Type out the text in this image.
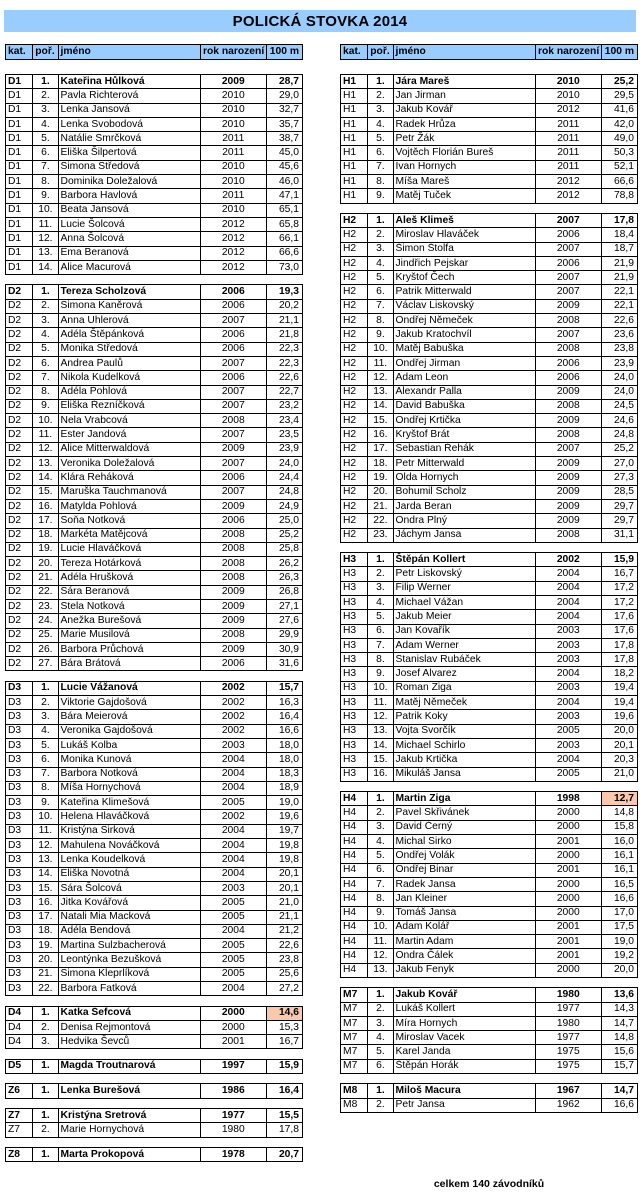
POLICKÁ STOVKA 2014
kat.	poř.	jméno	rok narození	100 m

D1	1.	Kateřina Hůlková	2009	28,7
D1	2.	Pavla Richterová	2010	29,0
D1	3.	Lenka Jansová	2010	32,7
D1	4.	Lenka Svobodová	2010	35,7
D1	5.	Natálie Smrčková	2011	38,7
D1	6.	Eliška Šilpertová	2011	45,0
D1	7.	Simona Středová	2010	45,6
D1	8.	Dominika Doležalová	2010	46,0
D1	9.	Barbora Havlová	2011	47,1
D1	10.	Beata Jansová	2010	65,1
D1	11.	Lucie Šolcová	2012	65,8
D1	12.	Anna Šolcová	2012	66,1
D1	13.	Ema Beranová	2012	66,6
D1	14.	Alice Macurová	2012	73,0

D2	1.	Tereza Scholzová	2006	19,3
D2	2.	Simona Kaněrová	2006	20,2
D2	3.	Anna Uhlerová	2007	21,1
D2	4.	Adéla Štěpánková	2006	21,8
D2	5.	Monika Středová	2006	22,3
D2	6.	Andrea Paulů	2007	22,3
D2	7.	Nikola Kudelková	2006	22,6
D2	8.	Adéla Pohlová	2007	22,7
D2	9.	Eliška Řezníčková	2007	23,2
D2	10.	Nela Vrabcová	2008	23,4
D2	11.	Ester Jandová	2007	23,5
D2	12.	Alice Mitterwaldová	2009	23,9
D2	13.	Veronika Doležalová	2007	24,0
D2	14.	Klára Reháková	2006	24,4
D2	15.	Maruška Tauchmanová	2007	24,8
D2	16.	Matylda Pohlová	2009	24,9
D2	17.	Soňa Notková	2006	25,0
D2	18.	Markéta Matějcová	2008	25,2
D2	19.	Lucie Hlaváčková	2008	25,8
D2	20.	Tereza Hotárková	2008	26,2
D2	21.	Adéla Hrušková	2008	26,3
D2	22.	Sára Beranová	2009	26,8
D2	23.	Stela Notková	2009	27,1
D2	24.	Anežka Burešová	2009	27,6
D2	25.	Marie Musilová	2008	29,9
D2	26.	Barbora Průchová	2009	30,9
D2	27.	Bára Brátová	2006	31,6

D3	1.	Lucie Vážanová	2002	15,7
D3	2.	Viktorie Gajdošová	2002	16,3
D3	3.	Bára Meierová	2002	16,4
D3	4.	Veronika Gajdošová	2002	16,6
D3	5.	Lukáš Kolba	2003	18,0
D3	6.	Monika Kunová	2004	18,0
D3	7.	Barbora Notková	2004	18,3
D3	8.	Míša Hornychová	2004	18,9
D3	9.	Kateřina Klimešová	2005	19,0
D3	10.	Helena Hlaváčková	2002	19,6
D3	11.	Kristýna Sirková	2004	19,7
D3	12.	Mahulena Nováčková	2004	19,8
D3	13.	Lenka Koudelková	2004	19,8
D3	14.	Eliška Novotná	2004	20,1
D3	15.	Sára Šolcová	2003	20,1
D3	16.	Jitka Kovářová	2005	21,0
D3	17.	Natali Mia Macková	2005	21,1
D3	18.	Adéla Bendová	2004	21,2
D3	19.	Martina Sulzbacherová	2005	22,6
D3	20.	Leontýnka Bezušková	2005	23,8
D3	21.	Simona Kleprlíková	2005	25,6
D3	22.	Barbora Fatková	2004	27,2

D4	1.	Katka Šefcová	2000	14,6
D4	2.	Denisa Rejmontová	2000	15,3
D4	3.	Hedvika Ševců	2001	16,7

D5	1.	Magda Troutnarová	1997	15,9

Z6	1.	Lenka Burešová	1986	16,4

Z7	1.	Kristýna Sretrová	1977	15,5
Z7	2.	Marie Hornychová	1980	17,8

Z8	1.	Marta Prokopová	1978	20,7
kat.	poř.	jméno	rok narození	100 m

H1	1.	Jára Mareš	2010	25,2
H1	2.	Jan Jirman	2010	29,5
H1	3.	Jakub Kovář	2012	41,6
H1	4.	Radek Hrůza	2011	42,0
H1	5.	Petr Žák	2011	49,0
H1	6.	Vojtěch Florián Bureš	2011	50,3
H1	7.	Ivan Hornych	2011	52,1
H1	8.	Míša Mareš	2012	66,6
H1	9.	Matěj Tuček	2012	78,8

H2	1.	Aleš Klimeš	2007	17,8
H2	2.	Miroslav Hlaváček	2006	18,4
H2	3.	Šimon Štolfa	2007	18,7
H2	4.	Jindřich Pejskar	2006	21,9
H2	5.	Kryštof Čech	2007	21,9
H2	6.	Patrik Mitterwald	2007	22,1
H2	7.	Václav Liskovský	2009	22,1
H2	8.	Ondřej Němeček	2008	22,6
H2	9.	Jakub Kratochvíl	2007	23,6
H2	10.	Matěj Babuška	2008	23,8
H2	11.	Ondřej Jirman	2006	23,9
H2	12.	Adam Leon	2006	24,0
H2	13.	Alexandr Palla	2009	24,0
H2	14.	David Babuška	2008	24,5
H2	15.	Ondřej Krtička	2009	24,6
H2	16.	Kryštof Brát	2008	24,8
H2	17.	Sebastian Řehák	2007	25,2
H2	18.	Petr Mitterwald	2009	27,0
H2	19.	Olda Hornych	2009	27,3
H2	20.	Bohumil Scholz	2009	28,5
H2	21.	Jarda Beran	2009	29,7
H2	22.	Ondra Plný	2009	29,7
H2	23.	Jáchym Jansa	2008	31,1

H3	1.	Štěpán Kollert	2002	15,9
H3	2.	Petr Liskovský	2004	16,7
H3	3.	Filip Werner	2004	17,2
H3	4.	Michael Vážan	2004	17,2
H3	5.	Jakub Meier	2004	17,6
H3	6.	Jan Kovařík	2003	17,6
H3	7.	Adam Werner	2003	17,8
H3	8.	Stanislav Rubáček	2003	17,8
H3	9.	Josef Alvarez	2004	18,2
H3	10.	Roman Ziga	2003	19,4
H3	11.	Matěj Němeček	2004	19,4
H3	12.	Patrik Koky	2003	19,6
H3	13.	Vojta Svorčík	2005	20,0
H3	14.	Michael Schirlo	2003	20,1
H3	15.	Jakub Krtička	2004	20,3
H3	16.	Mikuláš Jansa	2005	21,0

H4	1.	Martin Ziga	1998	12,7
H4	2.	Pavel Skřivánek	2000	14,8
H4	3.	David Černý	2000	15,8
H4	4.	Michal Sirko	2001	16,0
H4	5.	Ondřej Volák	2000	16,1
H4	6.	Ondřej Binar	2001	16,1
H4	7.	Radek Jansa	2000	16,5
H4	8.	Jan Kleiner	2000	16,6
H4	9.	Tomáš Jansa	2000	17,0
H4	10.	Adam Kolář	2001	17,5
H4	11.	Martin Adam	2001	19,0
H4	12.	Ondra Čálek	2001	19,2
H4	13.	Jakub Fenyk	2000	20,0

M7	1.	Jakub Kovář	1980	13,6
M7	2.	Lukáš Kollert	1977	14,3
M7	3.	Míra Hornych	1980	14,7
M7	4.	Miroslav Vacek	1977	14,8
M7	5.	Karel Janda	1975	15,6
M7	6.	Štěpán Horák	1975	15,7

M8	1.	Miloš Macura	1967	14,7
M8	2.	Petr Jansa	1962	16,6
celkem 140 závodníků
